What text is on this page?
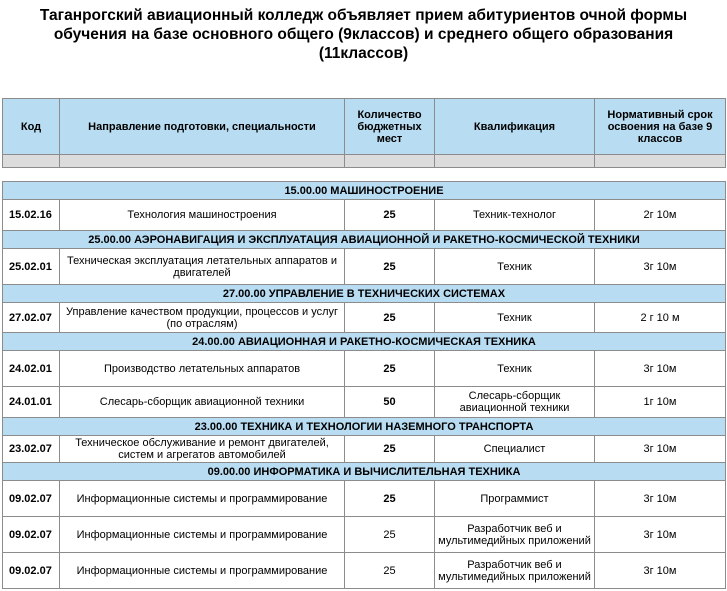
Таганрогский авиационный колледж объявляет прием абитуриентов очной формы
обучения на базе основного общего (9классов) и среднего общего образования
(11классов)
Код	Направление подготовки, специальности	Количество бюджетных мест	Квалификация	Нормативный срок освоения на базе 9 классов

15.00.00 МАШИНОСТРОЕНИЕ				
15.02.16	Технология машиностроения	25	Техник-технолог	2г 10м
25.00.00 АЭРОНАВИГАЦИЯ И ЭКСПЛУАТАЦИЯ АВИАЦИОННОЙ И РАКЕТНО-КОСМИЧЕСКОЙ ТЕХНИКИ				
25.02.01	Техническая эксплуатация летательных аппаратов и двигателей	25	Техник	3г 10м
27.00.00 УПРАВЛЕНИЕ В ТЕХНИЧЕСКИХ СИСТЕМАХ				
27.02.07	Управление качеством продукции, процессов и услуг (по отраслям)	25	Техник	2 г 10 м
24.00.00 АВИАЦИОННАЯ И РАКЕТНО-КОСМИЧЕСКАЯ ТЕХНИКА				
24.02.01	Производство летательных аппаратов	25	Техник	3г 10м
24.01.01	Слесарь-сборщик авиационной техники	50	Слесарь-сборщик авиационной техники	1г 10м
23.00.00 ТЕХНИКА И ТЕХНОЛОГИИ НАЗЕМНОГО ТРАНСПОРТА				
23.02.07	Техническое обслуживание и ремонт двигателей, систем и агрегатов автомобилей	25	Специалист	3г 10м
09.00.00 ИНФОРМАТИКА И ВЫЧИСЛИТЕЛЬНАЯ ТЕХНИКА				
09.02.07	Информационные системы и программирование	25	Программист	3г 10м
09.02.07	Информационные системы и программирование	25	Разработчик веб и мультимедийных приложений	3г 10м
09.02.07	Информационные системы и программирование	25	Разработчик веб и мультимедийных приложений	3г 10м
